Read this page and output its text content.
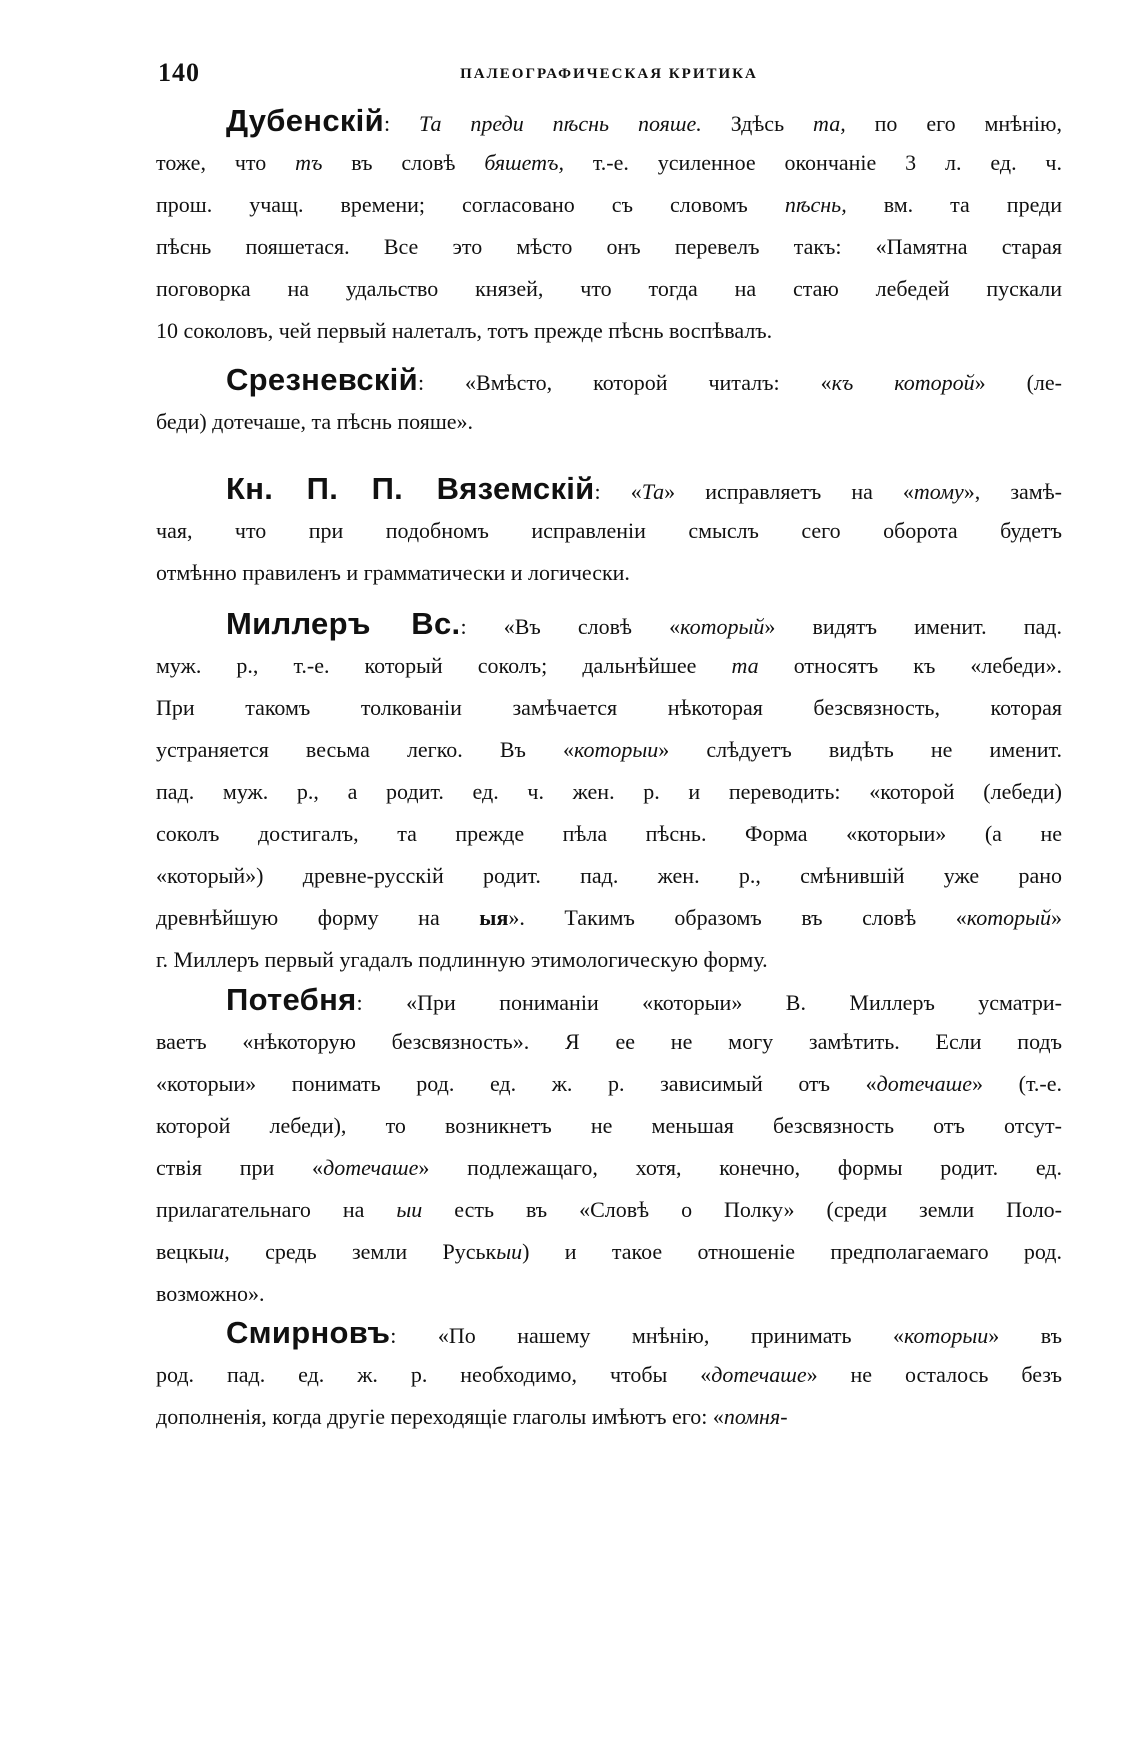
140	ПАЛЕОГРАФИЧЕСКАЯ КРИТИКА
Дубенскій: Та преди пѣснь пояше. Здѣсь та, по его мнѣнію,
тоже, что тъ въ словѣ бяшетъ, т.-е. усиленное окончаніе 3 л. ед. ч.
прош. учащ. времени; согласовано съ словомъ пѣснь, вм. та преди
пѣснь пояшетася. Все это мѣсто онъ перевелъ такъ: «Памятна старая
поговорка на удальство князей, что тогда на стаю лебедей пускали
10 соколовъ, чей первый налеталъ, тотъ прежде пѣснь воспѣвалъ.
Срезневскій: «Вмѣсто, которой читалъ: «къ которой» (ле-
беди) дотечаше, та пѣснь пояше».
Кн. П. П. Вяземскій: «Та» исправляетъ на «тому», замѣ-
чая, что при подобномъ исправленіи смыслъ сего оборота будетъ
отмѣнно правиленъ и грамматически и логически.
Миллеръ Вс.: «Въ словѣ «который» видятъ именит. пад.
муж. р., т.-е. который соколъ; дальнѣйшее та относятъ къ «лебеди».
При такомъ толкованіи замѣчается нѣкоторая безсвязность, которая
устраняется весьма легко. Въ «которыи» слѣдуетъ видѣть не именит.
пад. муж. р., а родит. ед. ч. жен. р. и переводить: «которой (лебеди)
соколъ достигалъ, та прежде пѣла пѣснь. Форма «которыи» (а не
«который») древне-русскій родит. пад. жен. р., смѣнившій уже рано
древнѣйшую форму на ыя». Такимъ образомъ въ словѣ «который»
г. Миллеръ первый угадалъ подлинную этимологическую форму.
Потебня: «При пониманіи «которыи» В. Миллеръ усматри-
ваетъ «нѣкоторую безсвязность». Я ее не могу замѣтить. Если подъ
«которыи» понимать род. ед. ж. р. зависимый отъ «дотечаше» (т.-е.
которой лебеди), то возникнетъ не меньшая безсвязность отъ отсут-
ствія при «дотечаше» подлежащаго, хотя, конечно, формы родит. ед.
прилагательнаго на ыи есть въ «Словѣ о Полку» (среди земли Поло-
вецкыи, средь земли Руськыи) и такое отношеніе предполагаемаго род.
возможно».
Смирновъ: «По нашему мнѣнію, принимать «которыи» въ
род. пад. ед. ж. р. необходимо, чтобы «дотечаше» не осталось безъ
дополненія, когда другіе переходящіе глаголы имѣютъ его: «помня-
